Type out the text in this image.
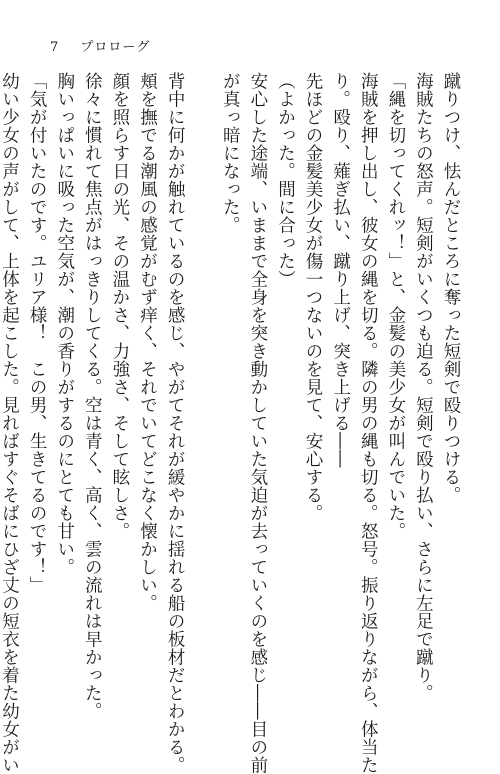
7 プロローグ

蹴りつけ、怯んだところに奪った短剣で殴りつける。

海賊たちの怒声。短剣がいくつも迫る。短剣で殴り払い、さらに左足で蹴り。

「縄を切ってくれッ！」と、金髪の美少女が叫んでいた。

海賊を押し出し、彼女の縄を切る。隣の男の縄も切る。怒号。振り返りながら、体当た

り。殴り、薙ぎ払い、蹴り上げ、突き上げる――

先ほどの金髪美少女が傷一つないのを見て、安心する。

（よかった。間に合った）

安心した途端、いままで全身を突き動かしていた気迫が去っていくのを感じ――目の前

が真っ暗になった。

背中に何かが触れているのを感じ、やがてそれが緩やかに揺れる船の板材だとわかる。

頬を撫でる潮風の感覚がむず痒く、それでいてどこなく懐かしい。

顔を照らす日の光、その温かさ、力強さ、そして眩しさ。

徐々に慣れて焦点がはっきりしてくる。空は青く、高く、雲の流れは早かった。

胸いっぱいに吸った空気が、潮の香りがするのにとても甘い。

「気が付いたのです。ユリア様！　この男、生きてるのです！」

幼い少女の声がして、上体を起こした。見ればすぐそばにひざ丈の短衣を着た幼女がい
